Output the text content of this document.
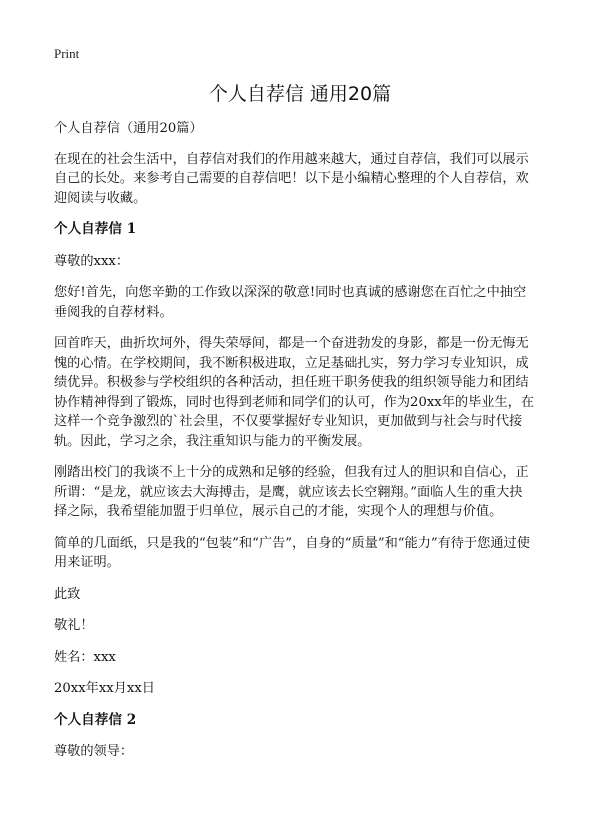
Print
个人自荐信 通用20篇

个人自荐信（通用20篇）

在现在的社会生活中，自荐信对我们的作用越来越大，通过自荐信，我们可以展示

自己的长处。来参考自己需要的自荐信吧！以下是小编精心整理的个人自荐信，欢

迎阅读与收藏。

个人自荐信 1

尊敬的xxx：

您好!首先，向您辛勤的工作致以深深的敬意!同时也真诚的感谢您在百忙之中抽空

垂阅我的自荐材料。

回首昨天，曲折坎坷外，得失荣辱间，都是一个奋进勃发的身影，都是一份无悔无

愧的心情。在学校期间，我不断积极进取，立足基础扎实，努力学习专业知识，成

绩优异。积极参与学校组织的各种活动，担任班干职务使我的组织领导能力和团结

协作精神得到了锻炼，同时也得到老师和同学们的认可，作为20xx年的毕业生，在

这样一个竞争激烈的`社会里，不仅要掌握好专业知识，更加做到与社会与时代接

轨。因此，学习之余，我注重知识与能力的平衡发展。

刚踏出校门的我谈不上十分的成熟和足够的经验，但我有过人的胆识和自信心，正

所谓：“是龙，就应该去大海搏击，是鹰，就应该去长空翱翔。”面临人生的重大抉

择之际，我希望能加盟于归单位，展示自己的才能，实现个人的理想与价值。

简单的几面纸，只是我的“包装”和“广告”，自身的“质量”和“能力”有待于您通过使

用来证明。

此致

敬礼！

姓名：xxx

20xx年xx月xx日

个人自荐信 2

尊敬的领导：
